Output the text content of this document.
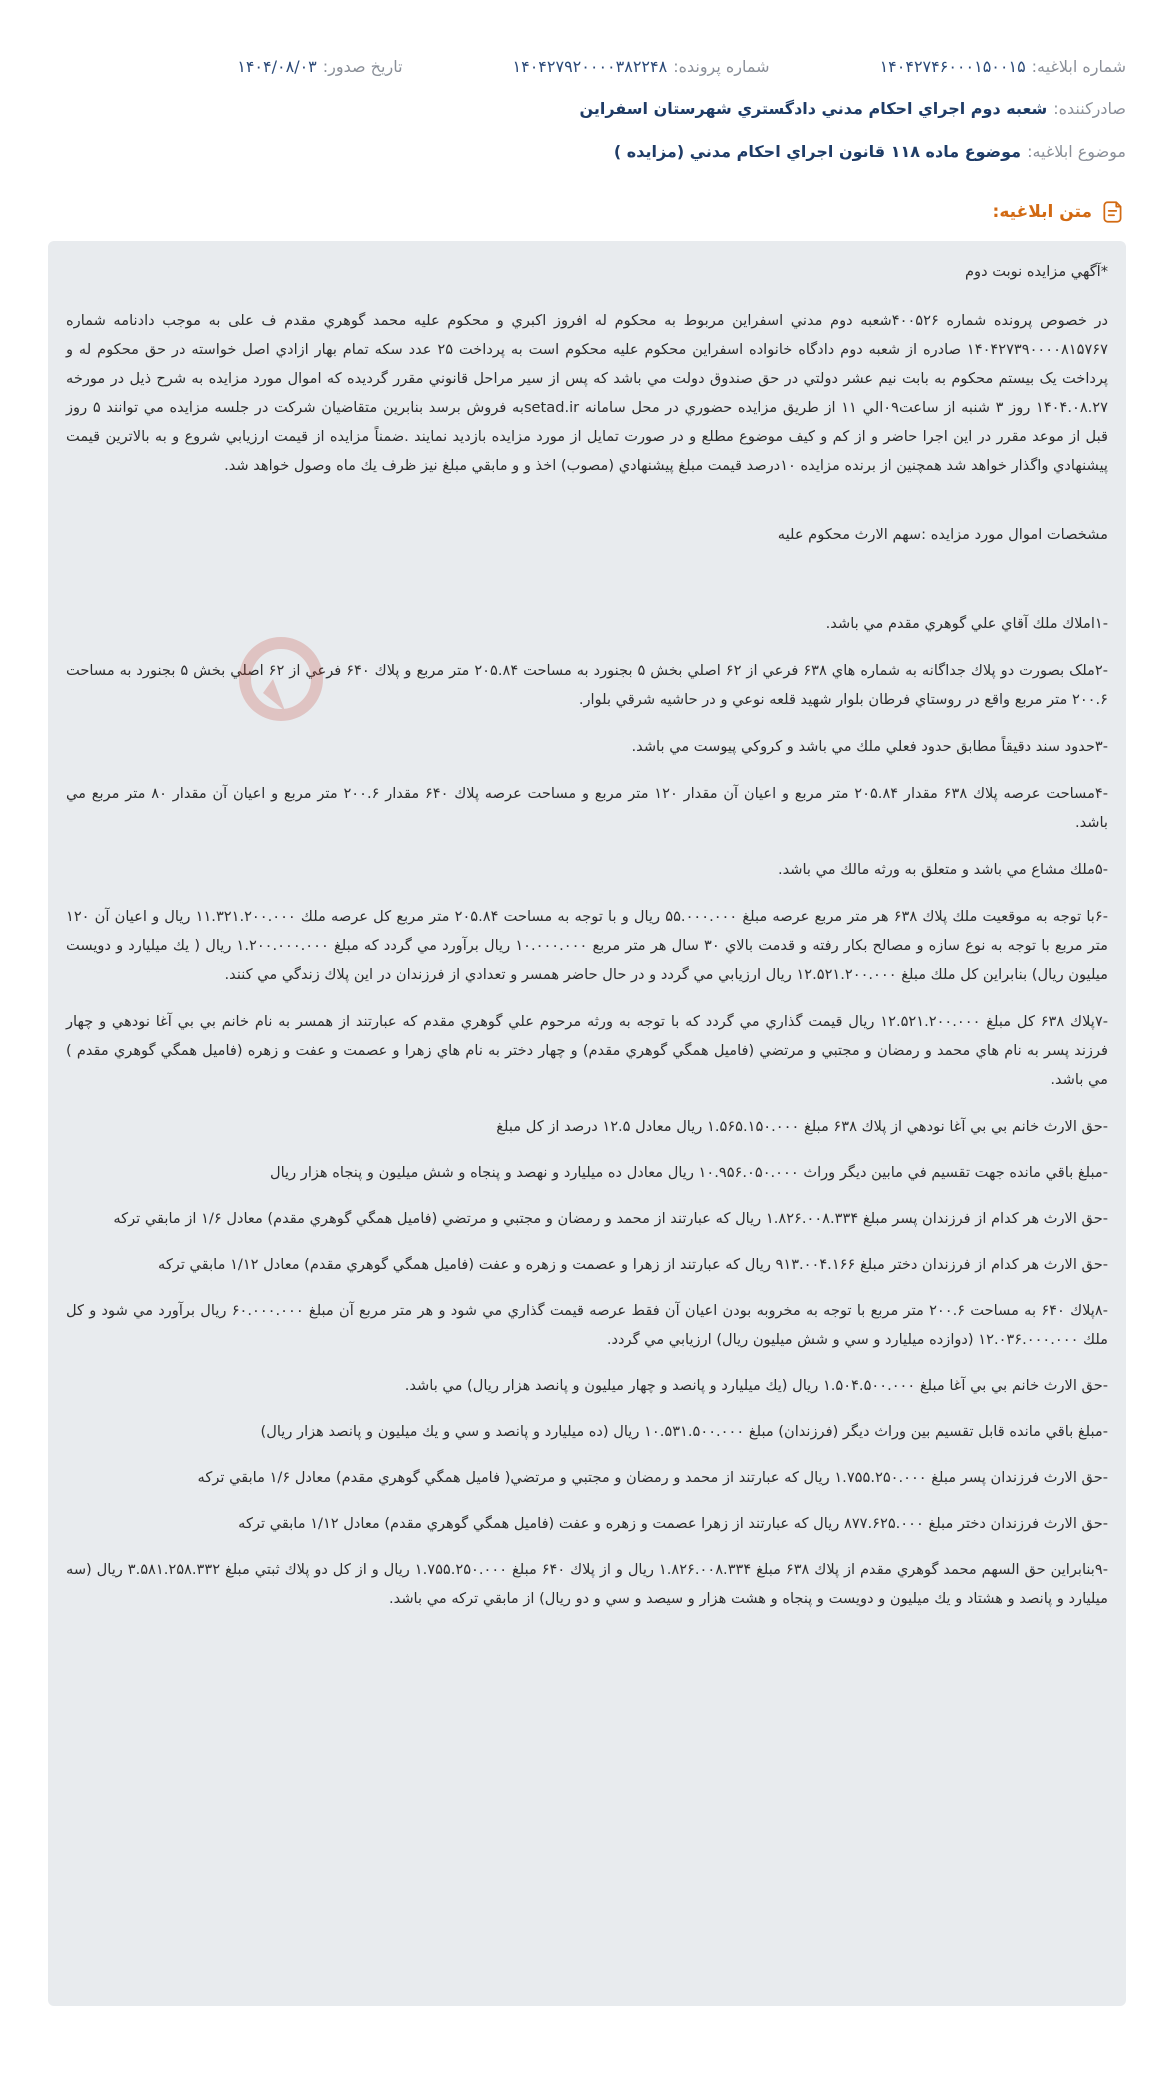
شماره ابلاغيه:
۱۴۰۴۲۷۴۶۰۰۰۱۵۰۰۱۵
شماره پرونده:
۱۴۰۴۲۷۹۲۰۰۰۰۳۸۲۲۴۸
تاریخ صدور:
۱۴۰۴/۰۸/۰۳
صادرکننده:
شعبه دوم اجراي احكام مدني دادگستري شهرستان اسفراين
موضوع ابلاغیه:
موضوع ماده ۱۱۸ قانون اجراي احكام مدني (مزايده )
متن ابلاغیه:

*آگهي مزايده نوبت دوم

در خصوص پرونده شماره ۴۰۰۵۲۶شعبه دوم مدني اسفراين مربوط به محكوم له افروز اكبري و محكوم عليه محمد گوهري مقدم ف علی به موجب دادنامه شماره ۱۴۰۴۲۷۳۹۰۰۰۰۸۱۵۷۶۷ صادره از شعبه دوم دادگاه خانواده اسفراين محكوم عليه محكوم است به پرداخت ۲۵ عدد سكه تمام بهار ازادي اصل خواسته در حق محكوم له و پرداخت يک بيستم محكوم به بابت نيم عشر دولتي در حق صندوق دولت مي باشد كه پس از سير مراحل قانوني مقرر گرديده كه اموال مورد مزايده به شرح ذيل در مورخه ۱۴۰۴.۰۸.۲۷ روز ۳ شنبه از ساعت۰۹الي ۱۱ از طريق مزايده حضوري در محل سامانه setad.irبه فروش برسد بنابرين متقاضيان شركت در جلسه مزايده مي توانند ۵ روز قبل از موعد مقرر در اين اجرا حاضر و از كم و كيف موضوع مطلع و در صورت تمايل از مورد مزايده بازديد نمايند .ضمناً مزايده از قيمت ارزيابي شروع و به بالاترين قيمت پيشنهادي واگذار خواهد شد همچنين از برنده مزايده ۱۰درصد قيمت مبلغ پيشنهادي (مصوب) اخذ و و مابقي مبلغ نيز ظرف يك ماه وصول خواهد شد.

مشخصات اموال مورد مزايده :سهم الارث محكوم عليه

-۱املاك ملك آقاي علي گوهري مقدم مي باشد.

-۲ملک بصورت دو پلاك جداگانه به شماره هاي ۶۳۸ فرعي از ۶۲ اصلي بخش ۵ بجنورد به مساحت ۲۰۵.۸۴ متر مربع و پلاك ۶۴۰ فرعي از ۶۲ اصلي بخش ۵ بجنورد به مساحت ۲۰۰.۶ متر مربع واقع در روستاي فرطان بلوار شهيد قلعه نوعي و در حاشيه شرقي بلوار.

-۳حدود سند دقيقاً مطابق حدود فعلي ملك مي باشد و كروكي پيوست مي باشد.

-۴مساحت عرصه پلاك ۶۳۸ مقدار ۲۰۵.۸۴ متر مربع و اعيان آن مقدار ۱۲۰ متر مربع و مساحت عرصه پلاك ۶۴۰ مقدار ۲۰۰.۶ متر مربع و اعيان آن مقدار ۸۰ متر مربع مي باشد.

-۵ملك مشاع مي باشد و متعلق به ورثه مالك مي باشد.

-۶با توجه به موقعيت ملك پلاك ۶۳۸ هر متر مربع عرصه مبلغ ۵۵.۰۰۰.۰۰۰ ريال و با توجه به مساحت ۲۰۵.۸۴ متر مربع كل عرصه ملك ۱۱.۳۲۱.۲۰۰.۰۰۰ ريال و اعيان آن ۱۲۰ متر مربع با توجه به نوع سازه و مصالح بكار رفته و قدمت بالاي ۳۰ سال هر متر مربع ۱۰.۰۰۰.۰۰۰ ريال برآورد مي گردد كه مبلغ ۱.۲۰۰.۰۰۰.۰۰۰ ريال ( يك ميليارد و دويست ميليون ريال) بنابراين كل ملك مبلغ ۱۲.۵۲۱.۲۰۰.۰۰۰ ريال ارزيابي مي گردد و در حال حاضر همسر و تعدادي از فرزندان در اين پلاك زندگي مي كنند.

-۷پلاك ۶۳۸ كل مبلغ ۱۲.۵۲۱.۲۰۰.۰۰۰ ريال قيمت گذاري مي گردد كه با توجه به ورثه مرحوم علي گوهري مقدم كه عبارتند از همسر به نام خانم بي بي آغا نودهي و چهار فرزند پسر به نام هاي محمد و رمضان و مجتبي و مرتضي (فاميل همگي گوهري مقدم) و چهار دختر به نام هاي زهرا و عصمت و عفت و زهره (فاميل همگي گوهري مقدم ) مي باشد.

-حق الارث خانم بي بي آغا نودهي از پلاك ۶۳۸ مبلغ ۱.۵۶۵.۱۵۰.۰۰۰ ريال معادل ۱۲.۵ درصد از كل مبلغ

-مبلغ باقي مانده جهت تقسيم في مابين ديگر وراث ۱۰.۹۵۶.۰۵۰.۰۰۰ ريال معادل ده ميليارد و نهصد و پنجاه و شش ميليون و پنجاه هزار ريال

-حق الارث هر كدام از فرزندان پسر مبلغ ۱.۸۲۶.۰۰۸.۳۳۴ ريال كه عبارتند از محمد و رمضان و مجتبي و مرتضي (فاميل همگي گوهري مقدم) معادل ۱/۶ از مابقي تركه

-حق الارث هر كدام از فرزندان دختر مبلغ ۹۱۳.۰۰۴.۱۶۶ ريال كه عبارتند از زهرا و عصمت و زهره و عفت (فاميل همگي گوهري مقدم) معادل ۱/۱۲ مابقي تركه

-۸پلاك ۶۴۰ به مساحت ۲۰۰.۶ متر مربع با توجه به مخروبه بودن اعيان آن فقط عرصه قيمت گذاري مي شود و هر متر مربع آن مبلغ ۶۰.۰۰۰.۰۰۰ ريال برآورد مي شود و كل ملك ۱۲.۰۳۶.۰۰۰.۰۰۰ (دوازده ميليارد و سي و شش ميليون ريال) ارزيابي مي گردد.

-حق الارث خانم بي بي آغا مبلغ ۱.۵۰۴.۵۰۰.۰۰۰ ريال (يك ميليارد و پانصد و چهار ميليون و پانصد هزار ريال) مي باشد.

-مبلغ باقي مانده قابل تقسيم بين وراث ديگر (فرزندان) مبلغ ۱۰.۵۳۱.۵۰۰.۰۰۰ ريال (ده ميليارد و پانصد و سي و يك ميليون و پانصد هزار ريال)

-حق الارث فرزندان پسر مبلغ ۱.۷۵۵.۲۵۰.۰۰۰ ريال كه عبارتند از محمد و رمضان و مجتبي و مرتضي( فاميل همگي گوهري مقدم) معادل ۱/۶ مابقي تركه

-حق الارث فرزندان دختر مبلغ ۸۷۷.۶۲۵.۰۰۰ ريال كه عبارتند از زهرا عصمت و زهره و عفت (فاميل همگي گوهري مقدم) معادل ۱/۱۲ مابقي تركه

-۹بنابراين حق السهم محمد گوهري مقدم از پلاك ۶۳۸ مبلغ ۱.۸۲۶.۰۰۸.۳۳۴ ريال و از پلاك ۶۴۰ مبلغ ۱.۷۵۵.۲۵۰.۰۰۰ ريال و از كل دو پلاك ثبتي مبلغ ۳.۵۸۱.۲۵۸.۳۳۲ ريال (سه ميليارد و پانصد و هشتاد و يك ميليون و دويست و پنجاه و هشت هزار و سيصد و سي و دو ريال) از مابقي تركه مي باشد.
